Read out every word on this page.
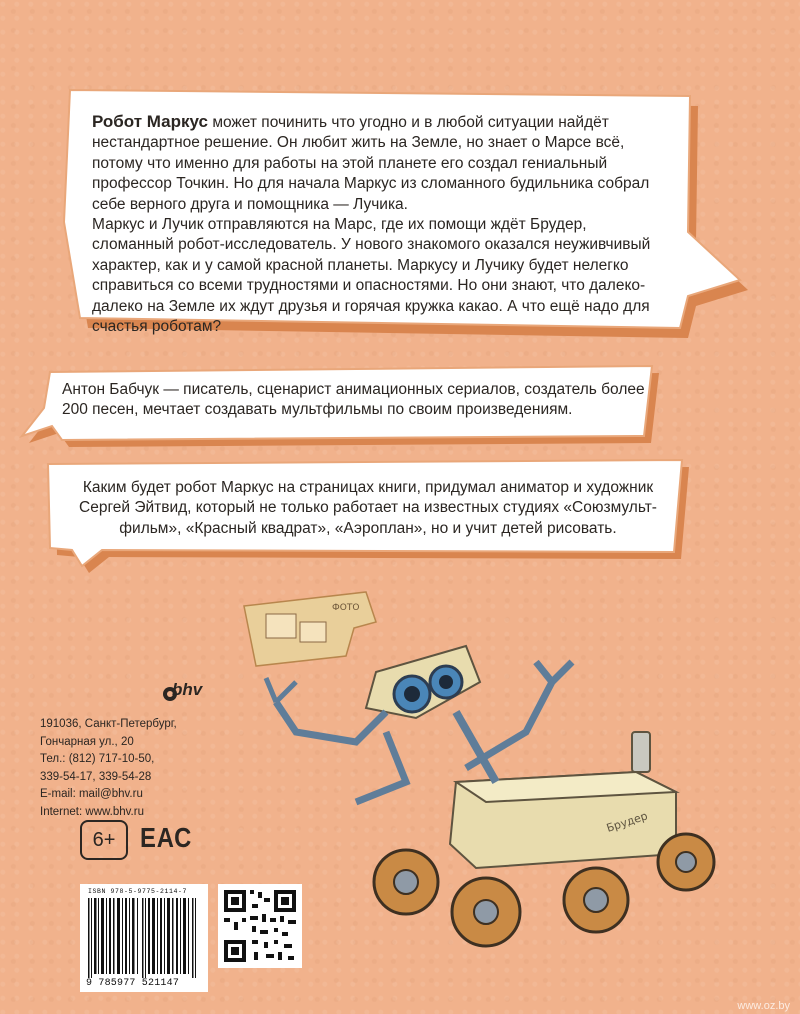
Робот Маркус может починить что угодно и в любой ситуации найдёт нестандартное решение. Он любит жить на Земле, но знает о Марсе всё, потому что именно для работы на этой планете его создал гениальный профессор Точкин. Но для начала Маркус из сломанного будильника собрал себе верного друга и помощника — Лучика.

Маркус и Лучик отправляются на Марс, где их помощи ждёт Брудер, сломанный робот-исследователь. У нового знакомого оказался неуживчивый характер, как и у самой красной планеты. Маркусу и Лучику будет нелегко справиться со всеми трудностями и опасностями. Но они знают, что далеко-далеко на Земле их ждут друзья и горячая кружка какао. А что ещё надо для счастья роботам?

Антон Бабчук — писатель, сценарист анимационных сериалов, создатель более 200 песен, мечтает создавать мультфильмы по своим произведениям.
Каким будет робот Маркус на страницах книги, придумал аниматор и художник Сергей Эйтвид, который не только работает на известных студиях «Союзмульт-фильм», «Красный квадрат», «Аэроплан», но и учит детей рисовать.
bhv
191036, Санкт-Петербург,
Гончарная ул., 20
Тел.: (812) 717-10-50,
339-54-17, 339-54-28
E-mail: mail@bhv.ru
Internet: www.bhv.ru
6+ ЕАС
ISBN 978-5-9775-2114-7
9 785977 521147
ФОТО
Брудер
www.oz.by
